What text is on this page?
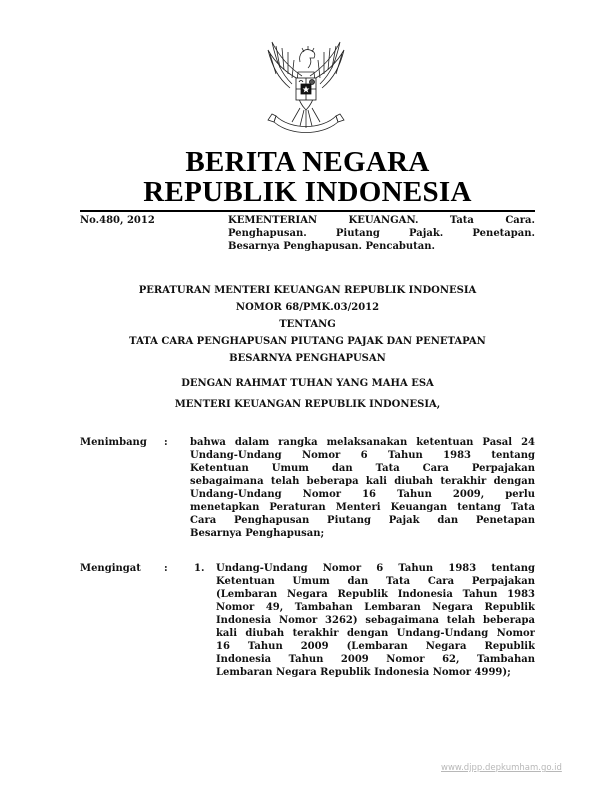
BERITA NEGARA
REPUBLIK INDONESIA
No.480, 2012	KEMENTERIAN KEUANGAN. Tata Cara.
Penghapusan. Piutang Pajak. Penetapan.
Besarnya Penghapusan. Pencabutan.
PERATURAN MENTERI KEUANGAN REPUBLIK INDONESIA
NOMOR 68/PMK.03/2012
TENTANG
TATA CARA PENGHAPUSAN PIUTANG PAJAK DAN PENETAPAN
BESARNYA PENGHAPUSAN
DENGAN RAHMAT TUHAN YANG MAHA ESA
MENTERI KEUANGAN REPUBLIK INDONESIA,
Menimbang : bahwa dalam rangka melaksanakan ketentuan Pasal 24
Undang-Undang Nomor 6 Tahun 1983 tentang
Ketentuan Umum dan Tata Cara Perpajakan
sebagaimana telah beberapa kali diubah terakhir dengan
Undang-Undang Nomor 16 Tahun 2009, perlu
menetapkan Peraturan Menteri Keuangan tentang Tata
Cara Penghapusan Piutang Pajak dan Penetapan
Besarnya Penghapusan;
Mengingat :	1. Undang-Undang Nomor 6 Tahun 1983 tentang
Ketentuan Umum dan Tata Cara Perpajakan
(Lembaran Negara Republik Indonesia Tahun 1983
Nomor 49, Tambahan Lembaran Negara Republik
Indonesia Nomor 3262) sebagaimana telah beberapa
kali diubah terakhir dengan Undang-Undang Nomor
16 Tahun 2009 (Lembaran Negara Republik
Indonesia Tahun 2009 Nomor 62, Tambahan
Lembaran Negara Republik Indonesia Nomor 4999);
www.djpp.depkumham.go.id
